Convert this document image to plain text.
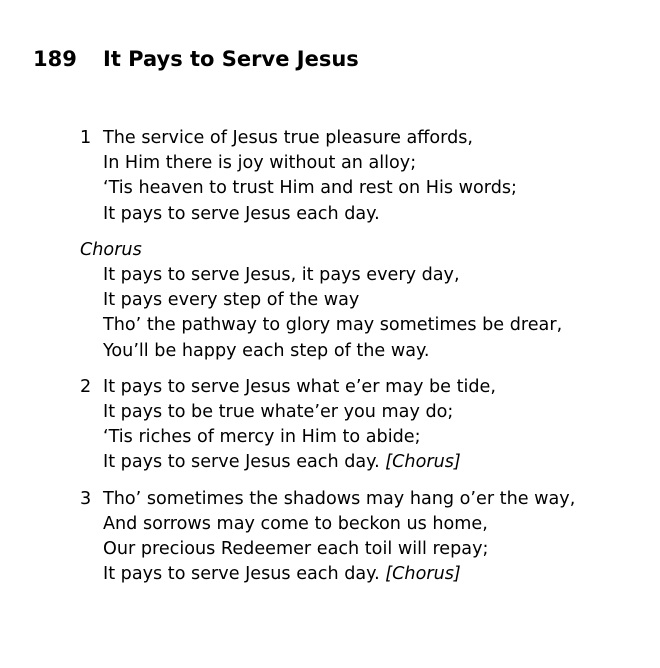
189 It Pays to Serve Jesus
1 The service of Jesus true pleasure affords,
In Him there is joy without an alloy;
‘Tis heaven to trust Him and rest on His words;
It pays to serve Jesus each day.
Chorus
It pays to serve Jesus, it pays every day,
It pays every step of the way
Tho’ the pathway to glory may sometimes be drear,
You’ll be happy each step of the way.
2 It pays to serve Jesus what e’er may be tide,
It pays to be true whate’er you may do;
‘Tis riches of mercy in Him to abide;
It pays to serve Jesus each day. [Chorus]
3 Tho’ sometimes the shadows may hang o’er the way,
And sorrows may come to beckon us home,
Our precious Redeemer each toil will repay;
It pays to serve Jesus each day. [Chorus]
